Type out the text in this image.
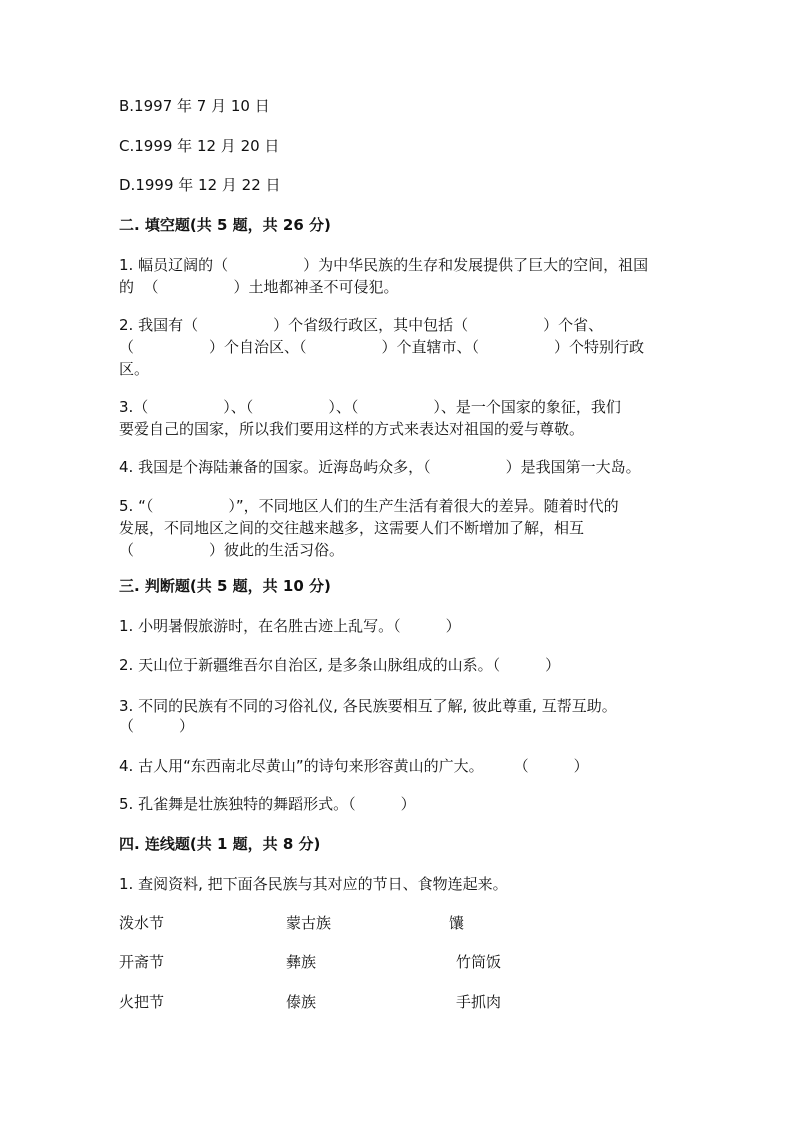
B.1997 年 7 月 10 日
C.1999 年 12 月 20 日
D.1999 年 12 月 22 日
二. 填空题(共 5 题，共 26 分)
1. 幅员辽阔的（　　　　　）为中华民族的生存和发展提供了巨大的空间，祖国
的  （　　　　　）土地都神圣不可侵犯。
2. 我国有（　　　　　）个省级行政区，其中包括（　　　　　）个省、
（　　　　　）个自治区、（　　　　　）个直辖市、（　　　　　）个特别行政
区。
3.（　　　　　）、（　　　　　）、（　　　　　）、是一个国家的象征，我们
要爱自己的国家，所以我们要用这样的方式来表达对祖国的爱与尊敬。
4. 我国是个海陆兼备的国家。近海岛屿众多，（　　　　　）是我国第一大岛。
5. “（　　　　　）”，不同地区人们的生产生活有着很大的差异。随着时代的
发展，不同地区之间的交往越来越多，这需要人们不断增加了解，相互
（　　　　　）彼此的生活习俗。
三. 判断题(共 5 题，共 10 分)
1. 小明暑假旅游时，在名胜古迹上乱写。（　　　）
2. 天山位于新疆维吾尔自治区, 是多条山脉组成的山系。（　　　）
3. 不同的民族有不同的习俗礼仪, 各民族要相互了解, 彼此尊重, 互帮互助。
（　　　）
4. 古人用“东西南北尽黄山”的诗句来形容黄山的广大。　　　（　　　）
5. 孔雀舞是壮族独特的舞蹈形式。（　　　）
四. 连线题(共 1 题，共 8 分)
1. 查阅资料, 把下面各民族与其对应的节日、食物连起来。
泼水节
开斋节
火把节
蒙古族
彝族
傣族
馕
竹筒饭
手抓肉
